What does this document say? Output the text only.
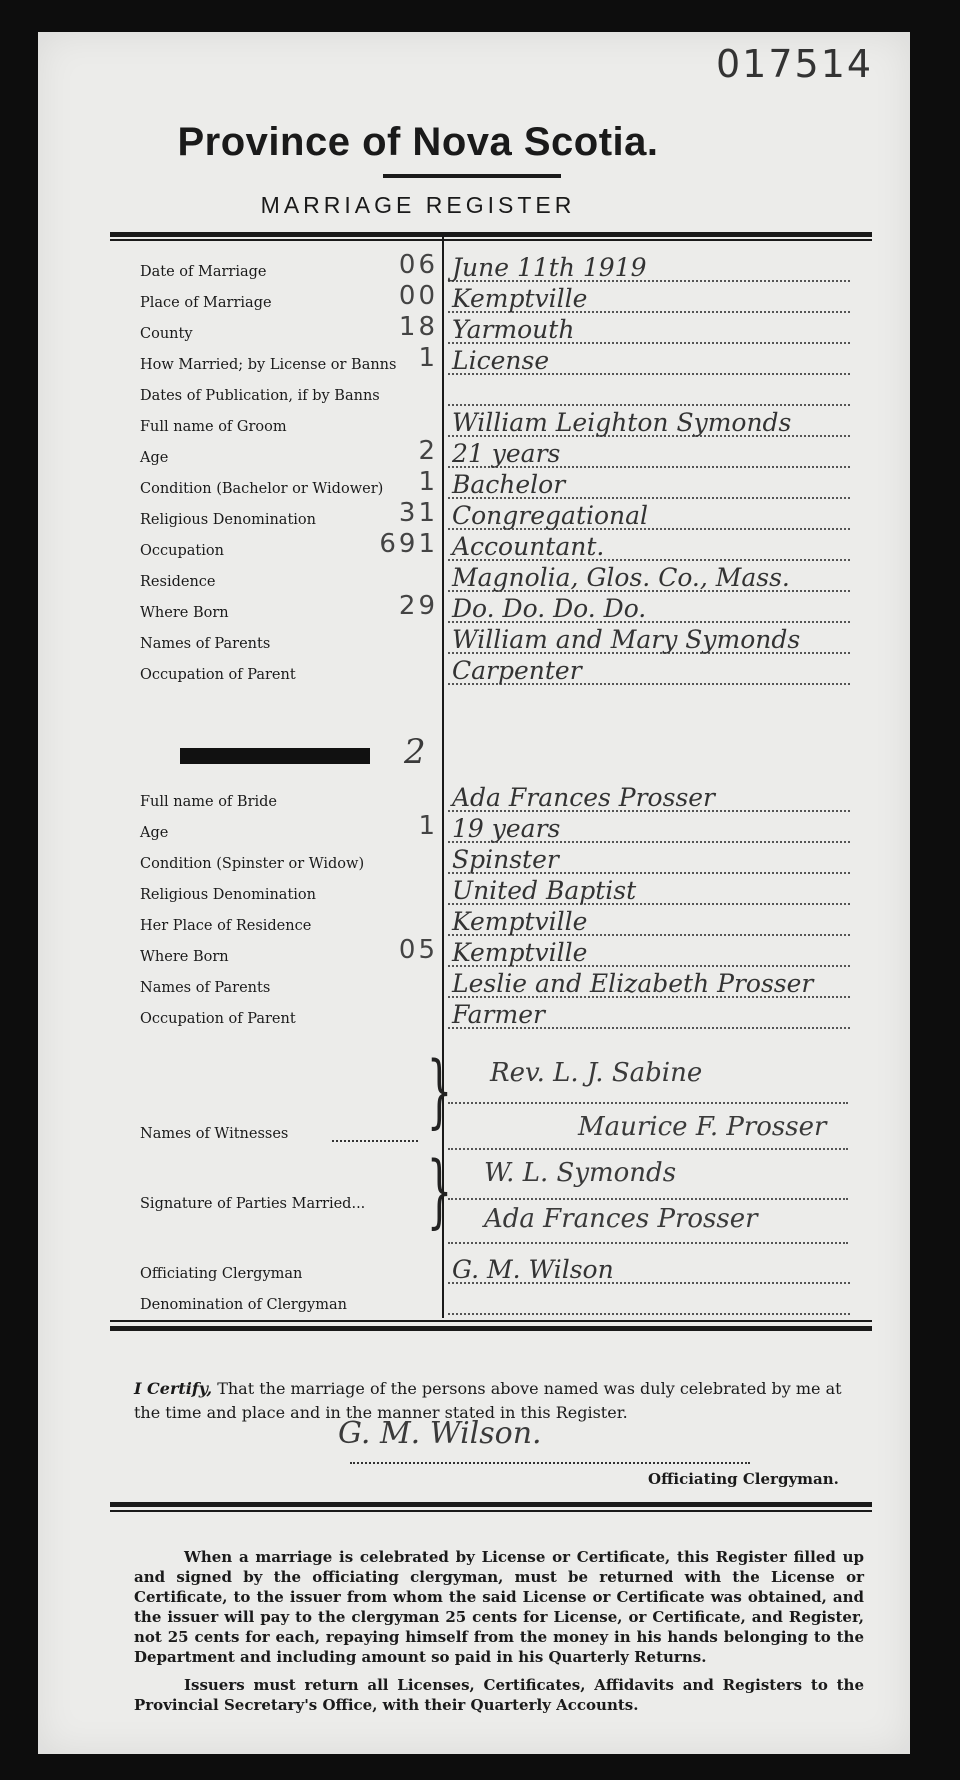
017514
Province of Nova Scotia.
MARRIAGE REGISTER
Date of Marriage	06 June 11th 1919
Place of Marriage	00 Kemptville
County	18 Yarmouth
How Married; by License or Banns 1 License
Dates of Publication, if by Banns
Full name of Groom	William Leighton Symonds
Age	2 21 years
Condition (Bachelor or Widower)	1 Bachelor
Religious Denomination	31 Congregational
Occupation	691 Accountant.
Residence	Magnolia, Glos. Co., Mass.
Where Born	29 Do. Do. Do. Do.
Names of Parents	William and Mary Symonds
Occupation of Parent	Carpenter
2
Full name of Bride	Ada Frances Prosser
Age	1 19 years
Condition (Spinster or Widow)	Spinster
Religious Denomination	United Baptist
Her Place of Residence	Kemptville
Where Born	05 Kemptville
Names of Parents	Leslie and Elizabeth Prosser
Occupation of Parent	Farmer
Names of Witnesses } Rev. L. J. Sabine
Maurice F. Prosser
Signature of Parties Married... } W. L. Symonds
Ada Frances Prosser
Officiating Clergyman	G. M. Wilson
Denomination of Clergyman
I Certify, That the marriage of the persons above named was duly celebrated by me at the time and place and in the manner stated in this Register.
G. M. Wilson.
Officiating Clergyman.

When a marriage is celebrated by License or Certificate, this Register filled up and signed by the officiating clergyman, must be returned with the License or Certificate, to the issuer from whom the said License or Certificate was obtained, and the issuer will pay to the clergyman 25 cents for License, or Certificate, and Register, not 25 cents for each, repaying himself from the money in his hands belonging to the Department and including amount so paid in his Quarterly Returns.

Issuers must return all Licenses, Certificates, Affidavits and Registers to the Provincial Secretary's Office, with their Quarterly Accounts.
